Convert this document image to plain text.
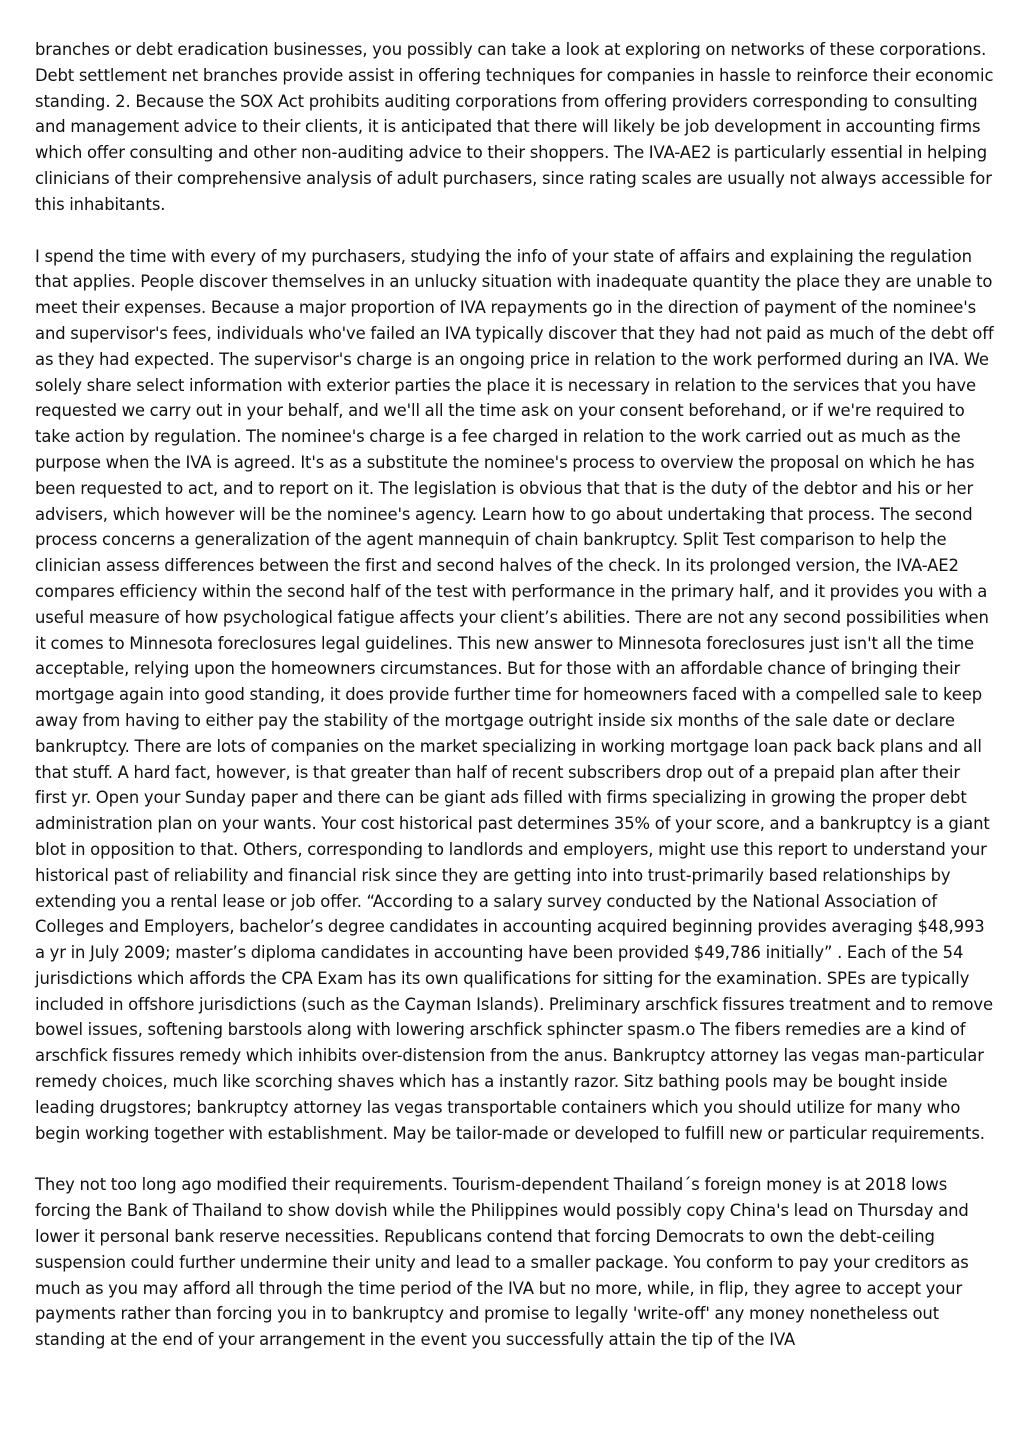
branches or debt eradication businesses, you possibly can take a look at exploring on networks of these corporations. Debt settlement net branches provide assist in offering techniques for companies in hassle to reinforce their economic standing. 2. Because the SOX Act prohibits auditing corporations from offering providers corresponding to consulting and management advice to their clients, it is anticipated that there will likely be job development in accounting firms which offer consulting and other non-auditing advice to their shoppers. The IVA-AE2 is particularly essential in helping clinicians of their comprehensive analysis of adult purchasers, since rating scales are usually not always accessible for this inhabitants.

I spend the time with every of my purchasers, studying the info of your state of affairs and explaining the regulation that applies. People discover themselves in an unlucky situation with inadequate quantity the place they are unable to meet their expenses. Because a major proportion of IVA repayments go in the direction of payment of the nominee's and supervisor's fees, individuals who've failed an IVA typically discover that they had not paid as much of the debt off as they had expected. The supervisor's charge is an ongoing price in relation to the work performed during an IVA. We solely share select information with exterior parties the place it is necessary in relation to the services that you have requested we carry out in your behalf, and we'll all the time ask on your consent beforehand, or if we're required to take action by regulation. The nominee's charge is a fee charged in relation to the work carried out as much as the purpose when the IVA is agreed. It's as a substitute the nominee's process to overview the proposal on which he has been requested to act, and to report on it. The legislation is obvious that that is the duty of the debtor and his or her advisers, which however will be the nominee's agency. Learn how to go about undertaking that process. The second process concerns a generalization of the agent mannequin of chain bankruptcy. Split Test comparison to help the clinician assess differences between the first and second halves of the check. In its prolonged version, the IVA-AE2 compares efficiency within the second half of the test with performance in the primary half, and it provides you with a useful measure of how psychological fatigue affects your client’s abilities. There are not any second possibilities when it comes to Minnesota foreclosures legal guidelines. This new answer to Minnesota foreclosures just isn't all the time acceptable, relying upon the homeowners circumstances. But for those with an affordable chance of bringing their mortgage again into good standing, it does provide further time for homeowners faced with a compelled sale to keep away from having to either pay the stability of the mortgage outright inside six months of the sale date or declare bankruptcy. There are lots of companies on the market specializing in working mortgage loan pack back plans and all that stuff. A hard fact, however, is that greater than half of recent subscribers drop out of a prepaid plan after their first yr. Open your Sunday paper and there can be giant ads filled with firms specializing in growing the proper debt administration plan on your wants. Your cost historical past determines 35% of your score, and a bankruptcy is a giant blot in opposition to that. Others, corresponding to landlords and employers, might use this report to understand your historical past of reliability and financial risk since they are getting into into trust-primarily based relationships by extending you a rental lease or job offer. “According to a salary survey conducted by the National Association of Colleges and Employers, bachelor’s degree candidates in accounting acquired beginning provides averaging $48,993 a yr in July 2009; master’s diploma candidates in accounting have been provided $49,786 initially” . Each of the 54 jurisdictions which affords the CPA Exam has its own qualifications for sitting for the examination. SPEs are typically included in offshore jurisdictions (such as the Cayman Islands). Preliminary arschfick fissures treatment and to remove bowel issues, softening barstools along with lowering arschfick sphincter spasm.o The fibers remedies are a kind of arschfick fissures remedy which inhibits over-distension from the anus. Bankruptcy attorney las vegas man-particular remedy choices, much like scorching shaves which has a instantly razor. Sitz bathing pools may be bought inside leading drugstores; bankruptcy attorney las vegas transportable containers which you should utilize for many who begin working together with establishment. May be tailor-made or developed to fulfill new or particular requirements.

They not too long ago modified their requirements. Tourism-dependent Thailand´s foreign money is at 2018 lows forcing the Bank of Thailand to show dovish while the Philippines would possibly copy China's lead on Thursday and lower it personal bank reserve necessities. Republicans contend that forcing Democrats to own the debt-ceiling suspension could further undermine their unity and lead to a smaller package. You conform to pay your creditors as much as you may afford all through the time period of the IVA but no more, while, in flip, they agree to accept your payments rather than forcing you in to bankruptcy and promise to legally 'write-off' any money nonetheless out standing at the end of your arrangement in the event you successfully attain the tip of the IVA
